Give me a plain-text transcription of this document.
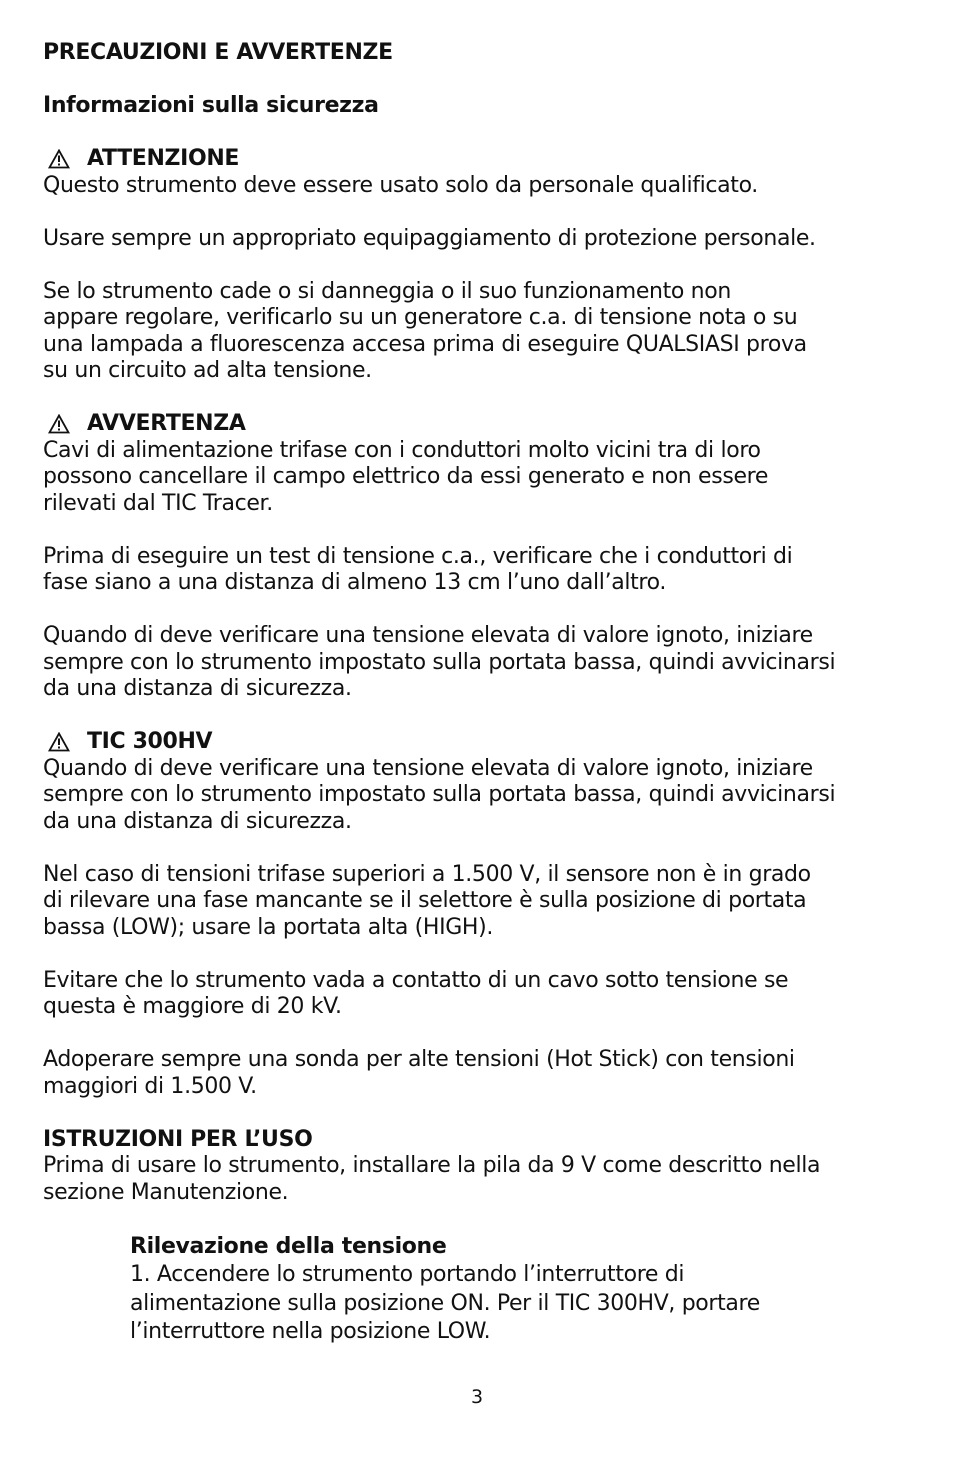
PRECAUZIONI E AVVERTENZE
Informazioni sulla sicurezza
ATTENZIONE
Questo strumento deve essere usato solo da personale qualificato.
Usare sempre un appropriato equipaggiamento di protezione personale.
Se lo strumento cade o si danneggia o il suo funzionamento non
appare regolare, verificarlo su un generatore c.a. di tensione nota o su
una lampada a fluorescenza accesa prima di eseguire QUALSIASI prova
su un circuito ad alta tensione.
AVVERTENZA
Cavi di alimentazione trifase con i conduttori molto vicini tra di loro
possono cancellare il campo elettrico da essi generato e non essere
rilevati dal TIC Tracer.
Prima di eseguire un test di tensione c.a., verificare che i conduttori di
fase siano a una distanza di almeno 13 cm l’uno dall’altro.
Quando di deve verificare una tensione elevata di valore ignoto, iniziare
sempre con lo strumento impostato sulla portata bassa, quindi avvicinarsi
da una distanza di sicurezza.
TIC 300HV
Quando di deve verificare una tensione elevata di valore ignoto, iniziare
sempre con lo strumento impostato sulla portata bassa, quindi avvicinarsi
da una distanza di sicurezza.
Nel caso di tensioni trifase superiori a 1.500 V, il sensore non è in grado
di rilevare una fase mancante se il selettore è sulla posizione di portata
bassa (LOW); usare la portata alta (HIGH).
Evitare che lo strumento vada a contatto di un cavo sotto tensione se
questa è maggiore di 20 kV.
Adoperare sempre una sonda per alte tensioni (Hot Stick) con tensioni
maggiori di 1.500 V.
ISTRUZIONI PER L’USO
Prima di usare lo strumento, installare la pila da 9 V come descritto nella
sezione Manutenzione.
Rilevazione della tensione
1. Accendere lo strumento portando l’interruttore di
alimentazione sulla posizione ON. Per il TIC 300HV, portare
l’interruttore nella posizione LOW.
3
